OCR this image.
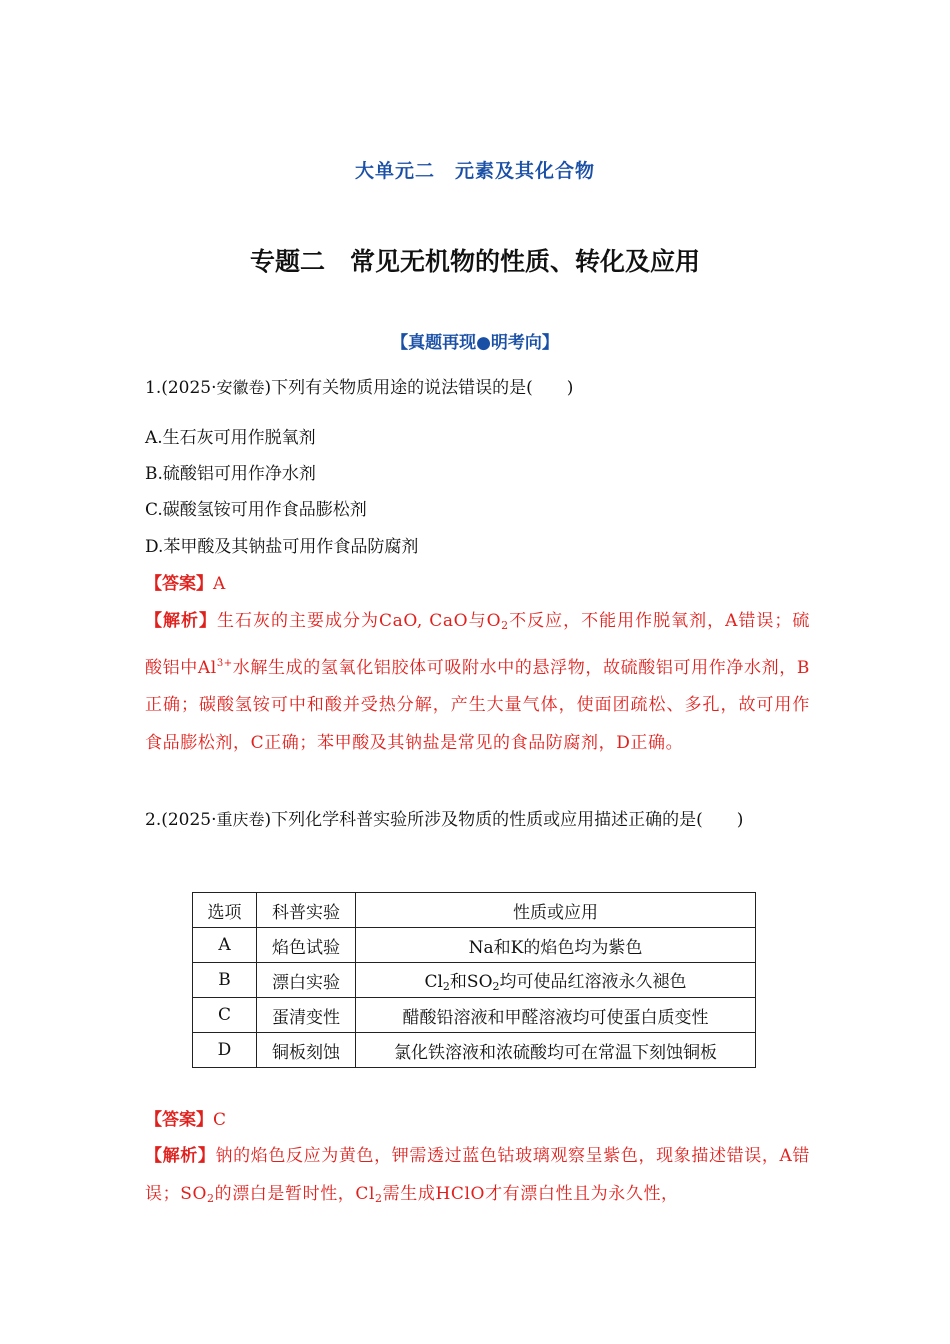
大单元二　元素及其化合物
专题二　常见无机物的性质、转化及应用
【真题再现●明考向】
1.(2025·安徽卷)下列有关物质用途的说法错误的是(　　)
A.生石灰可用作脱氧剂
B.硫酸铝可用作净水剂
C.碳酸氢铵可用作食品膨松剂
D.苯甲酸及其钠盐可用作食品防腐剂
【答案】A
【解析】生石灰的主要成分为CaO, CaO与$O_2$不反应，不能用作脱氧剂，A错误；硫酸铝中$Al^{3+}$水解生成的氢氧化铝胶体可吸附水中的悬浮物，故硫酸铝可用作净水剂，B正确；碳酸氢铵可中和酸并受热分解，产生大量气体，使面团疏松、多孔，故可用作食品膨松剂，C正确；苯甲酸及其钠盐是常见的食品防腐剂，D正确。
2.(2025·重庆卷)下列化学科普实验所涉及物质的性质或应用描述正确的是(　　)
选项	科普实验	性质或应用
A	焰色试验	Na和K的焰色均为紫色
B	漂白实验	$Cl_2$和$SO_2$均可使品红溶液永久褪色
C	蛋清变性	醋酸铅溶液和甲醛溶液均可使蛋白质变性
D	铜板刻蚀	氯化铁溶液和浓硫酸均可在常温下刻蚀铜板
【答案】C
【解析】钠的焰色反应为黄色，钾需透过蓝色钴玻璃观察呈紫色，现象描述错误，A错误；$SO_2$的漂白是暂时性，$Cl_2$需生成HClO才有漂白性且为永久性，
